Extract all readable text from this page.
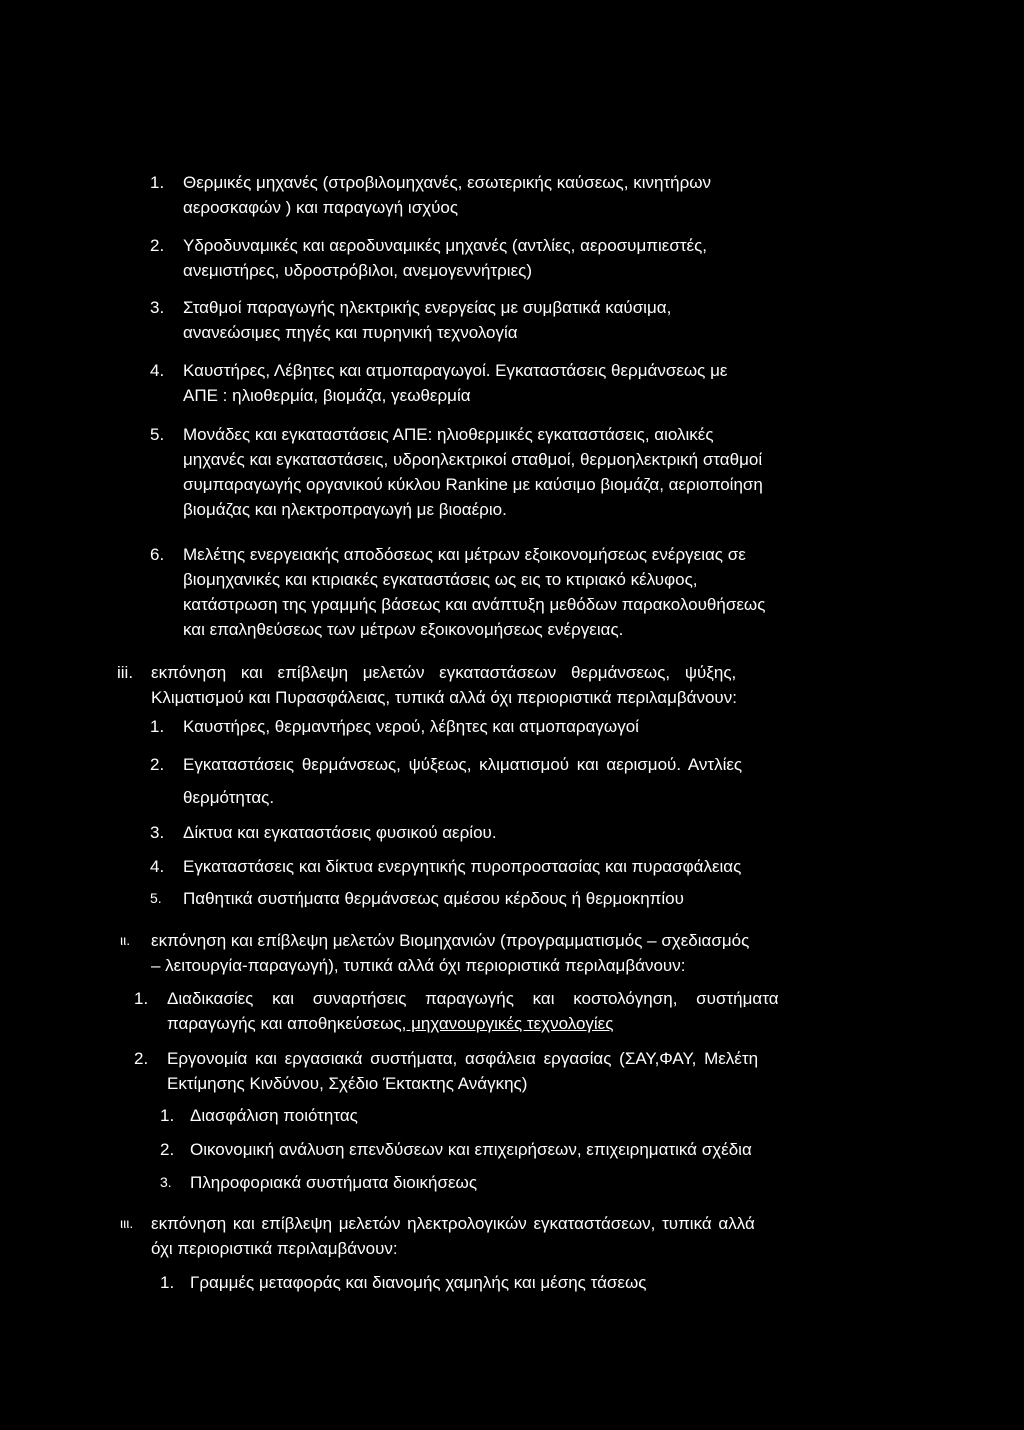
1.	Θερμικές μηχανές (στροβιλομηχανές, εσωτερικής καύσεως, κινητήρων
αεροσκαφών ) και παραγωγή ισχύος
2.	Υδροδυναμικές και αεροδυναμικές μηχανές (αντλίες, αεροσυμπιεστές,
ανεμιστήρες, υδροστρόβιλοι, ανεμογεννήτριες)
3.	Σταθμοί παραγωγής ηλεκτρικής ενεργείας με συμβατικά καύσιμα,
ανανεώσιμες πηγές και πυρηνική τεχνολογία
4.	Καυστήρες, Λέβητες και ατμοπαραγωγοί. Εγκαταστάσεις θερμάνσεως με
ΑΠΕ : ηλιοθερμία, βιομάζα, γεωθερμία
5.	Μονάδες και εγκαταστάσεις ΑΠΕ: ηλιοθερμικές εγκαταστάσεις, αιολικές
μηχανές και εγκαταστάσεις, υδροηλεκτρικοί σταθμοί, θερμοηλεκτρική σταθμοί
συμπαραγωγής οργανικού κύκλου Rankine με καύσιμο βιομάζα, αεριοποίηση
βιομάζας και ηλεκτροπραγωγή με βιοαέριο.
6.	Μελέτης ενεργειακής αποδόσεως και μέτρων εξοικονομήσεως ενέργειας σε
βιομηχανικές και κτιριακές εγκαταστάσεις ως εις το κτιριακό κέλυφος,
κατάστρωση της γραμμής βάσεως και ανάπτυξη μεθόδων παρακολουθήσεως
και επαληθεύσεως των μέτρων εξοικονομήσεως ενέργειας.
iii.	εκπόνηση και επίβλεψη μελετών εγκαταστάσεων θερμάνσεως, ψύξης,
Κλιματισμού και Πυρασφάλειας, τυπικά αλλά όχι περιοριστικά περιλαμβάνουν:
1.	Καυστήρες, θερμαντήρες νερού, λέβητες και ατμοπαραγωγοί
2.	Εγκαταστάσεις θερμάνσεως, ψύξεως, κλιματισμού και αερισμού. Αντλίες
θερμότητας.
3.	Δίκτυα και εγκαταστάσεις φυσικού αερίου.
4.	Εγκαταστάσεις και δίκτυα ενεργητικής πυροπροστασίας και πυρασφάλειας
5.	Παθητικά συστήματα θερμάνσεως αμέσου κέρδους ή θερμοκηπίου
ιι.	εκπόνηση και επίβλεψη μελετών Βιομηχανιών (προγραμματισμός – σχεδιασμός
– λειτουργία-παραγωγή), τυπικά αλλά όχι περιοριστικά περιλαμβάνουν:
1.	Διαδικασίες και συναρτήσεις παραγωγής και κοστολόγηση, συστήματα
παραγωγής και αποθηκεύσεως, μηχανουργικές τεχνολογίες
2.	Εργονομία και εργασιακά συστήματα, ασφάλεια εργασίας (ΣΑΥ,ΦΑΥ, Μελέτη
Εκτίμησης Κινδύνου, Σχέδιο Έκτακτης Ανάγκης)
1. Διασφάλιση ποιότητας
2. Οικονομική ανάλυση επενδύσεων και επιχειρήσεων, επιχειρηματικά σχέδια
3.	Πληροφοριακά συστήματα διοικήσεως
ιιι.	εκπόνηση και επίβλεψη μελετών ηλεκτρολογικών εγκαταστάσεων, τυπικά αλλά
όχι περιοριστικά περιλαμβάνουν:
1. Γραμμές μεταφοράς και διανομής χαμηλής και μέσης τάσεως
